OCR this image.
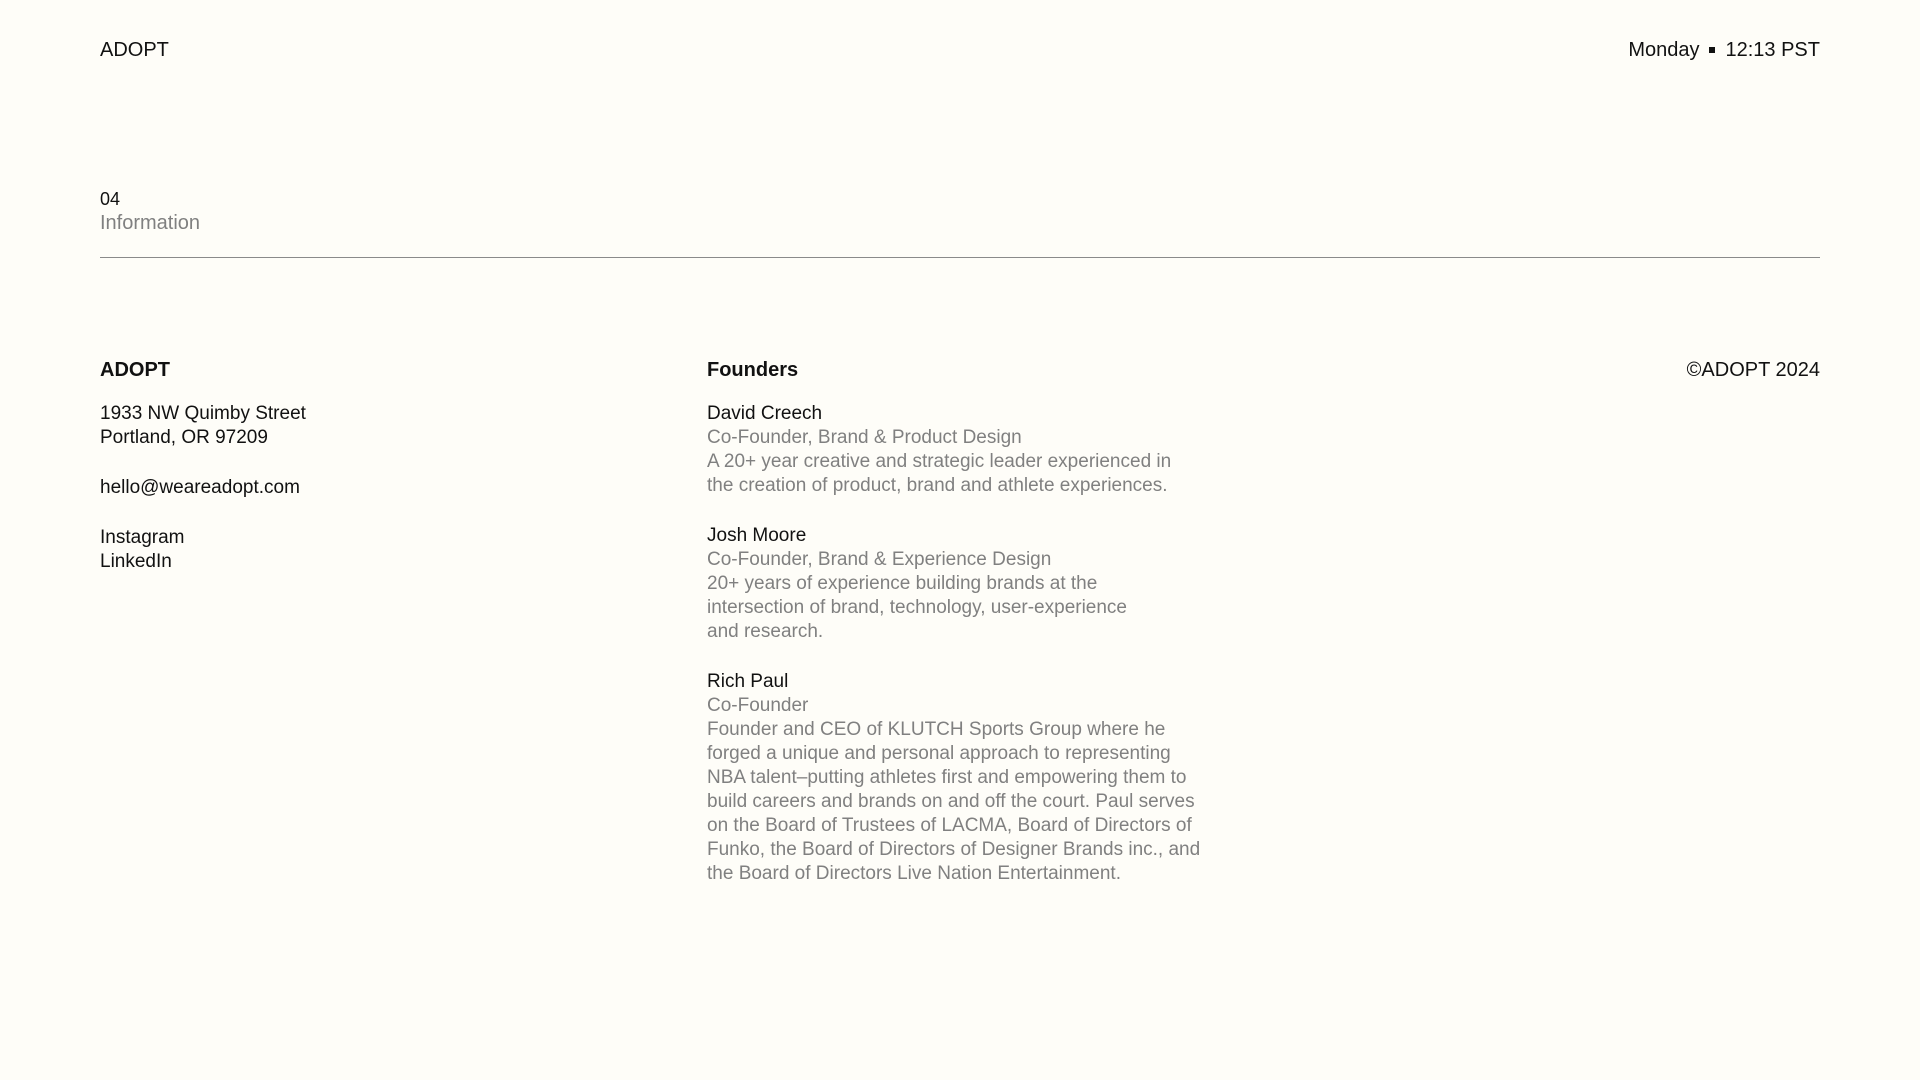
ADOPT	Monday 12:13 PST
04
Information
ADOPT
1933 NW Quimby Street
Portland, OR 97209
hello@weareadopt.com
Instagram
LinkedIn
Founders
David Creech
Co-Founder, Brand & Product Design
A 20+ year creative and strategic leader experienced in
the creation of product, brand and athlete experiences.
Josh Moore
Co-Founder, Brand & Experience Design
20+ years of experience building brands at the
intersection of brand, technology, user-experience
and research.
Rich Paul
Co-Founder
Founder and CEO of KLUTCH Sports Group where he
forged a unique and personal approach to representing
NBA talent–putting athletes first and empowering them to
build careers and brands on and off the court. Paul serves
on the Board of Trustees of LACMA, Board of Directors of
Funko, the Board of Directors of Designer Brands inc., and
the Board of Directors Live Nation Entertainment.
©ADOPT 2024
